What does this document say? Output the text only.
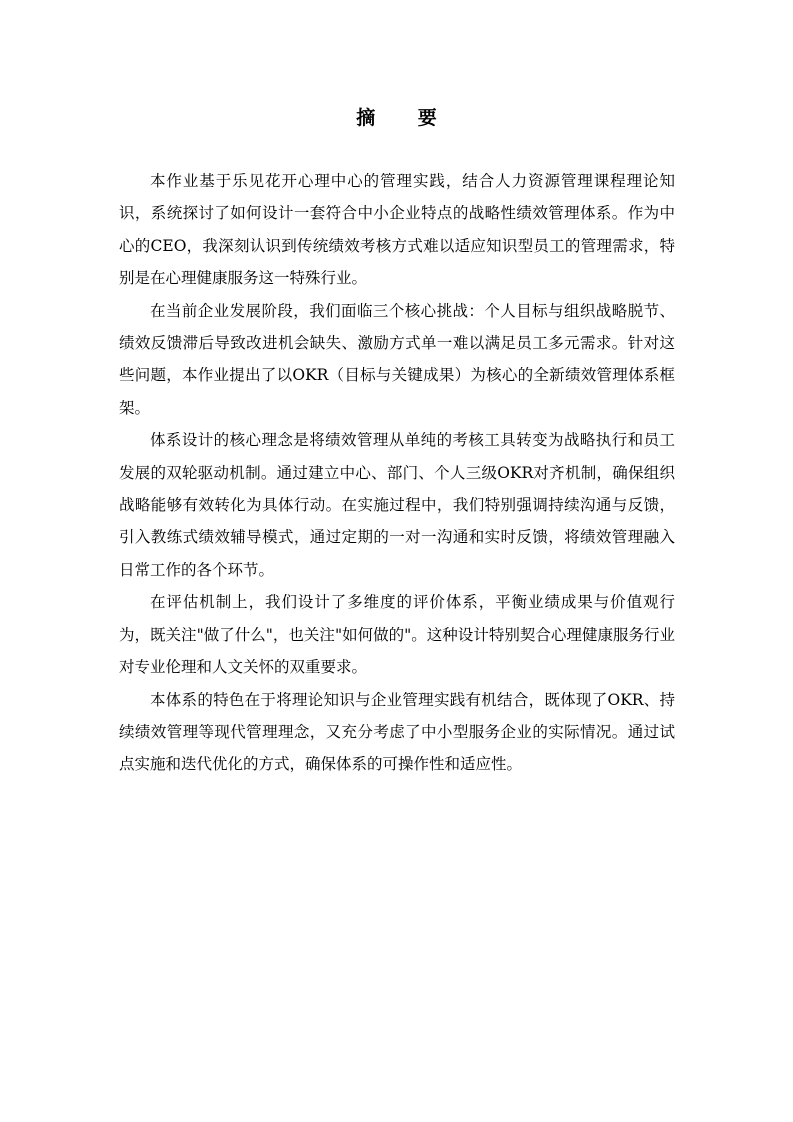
摘 要

本作业基于乐见花开心理中心的管理实践，结合人力资源管理课程理论知识，系统探讨了如何设计一套符合中小企业特点的战略性绩效管理体系。作为中心的CEO，我深刻认识到传统绩效考核方式难以适应知识型员工的管理需求，特别是在心理健康服务这一特殊行业。

在当前企业发展阶段，我们面临三个核心挑战：个人目标与组织战略脱节、绩效反馈滞后导致改进机会缺失、激励方式单一难以满足员工多元需求。针对这些问题，本作业提出了以OKR（目标与关键成果）为核心的全新绩效管理体系框架。

体系设计的核心理念是将绩效管理从单纯的考核工具转变为战略执行和员工发展的双轮驱动机制。通过建立中心、部门、个人三级OKR对齐机制，确保组织战略能够有效转化为具体行动。在实施过程中，我们特别强调持续沟通与反馈，引入教练式绩效辅导模式，通过定期的一对一沟通和实时反馈，将绩效管理融入日常工作的各个环节。

在评估机制上，我们设计了多维度的评价体系，平衡业绩成果与价值观行为，既关注"做了什么"，也关注"如何做的"。这种设计特别契合心理健康服务行业对专业伦理和人文关怀的双重要求。

本体系的特色在于将理论知识与企业管理实践有机结合，既体现了OKR、持续绩效管理等现代管理理念，又充分考虑了中小型服务企业的实际情况。通过试点实施和迭代优化的方式，确保体系的可操作性和适应性。
